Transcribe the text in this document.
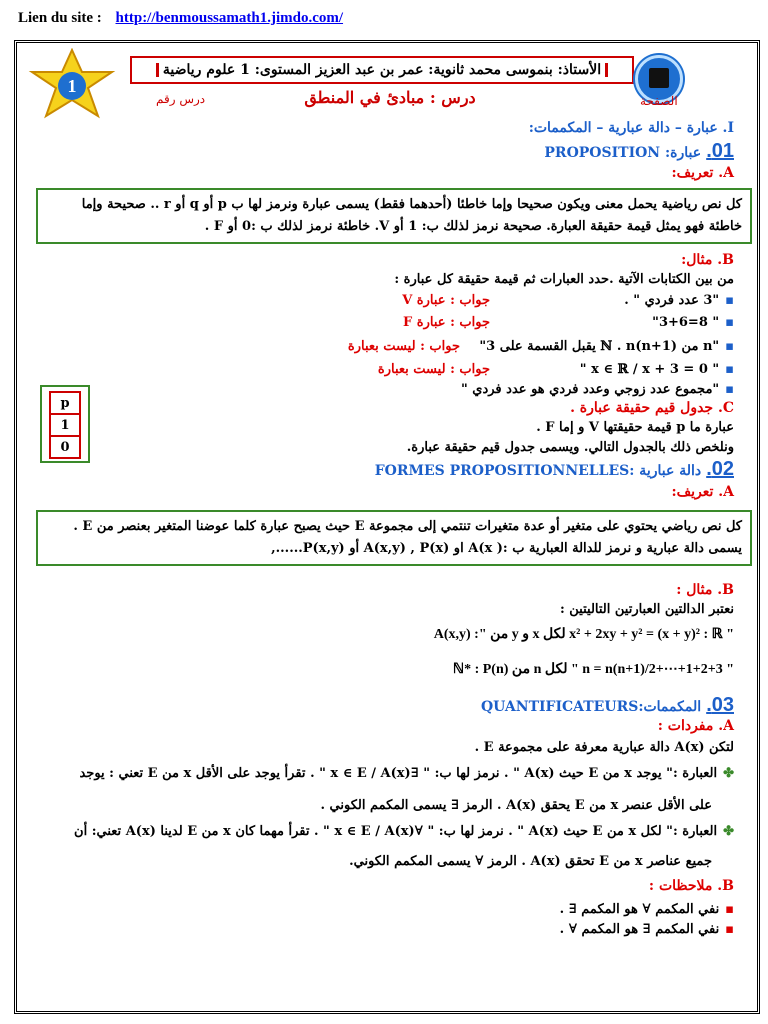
Lien du site : http://benmoussamath1.jimdo.com/
1
الأستاذ: بنموسى محمد ثانوية: عمر بن عبد العزيز المستوى: 1 علوم رياضية
درس : مبادئ في المنطق
درس رقم	الصفحة
I. عبارة – دالة عبارية – المكممات:
01. عبارة: PROPOSITION
A. تعريف:
كل نص رياضية يحمل معنى ويكون صحيحا وإما خاطئا (أحدهما فقط) يسمى عبارة ونرمز لها ب p أو q أو r .. صحيحة وإما خاطئة فهو يمثل قيمة حقيقة العبارة. صحيحة نرمز لذلك ب: 1 أو V. خاطئة نرمز لذلك ب :0 أو F .
B. مثال:
من بين الكتابات الآتية .حدد العبارات ثم قيمة حقيقة كل عبارة :
▪ "3 عدد فردي " .
جواب : عبارة V
▪ " 8=3+6"
جواب : عبارة F
▪ "n من ℕ . n(n+1) يقبل القسمة على 3"
جواب : ليست بعبارة
▪ " x ∈ ℝ / x + 3 = 0 "
جواب : ليست بعبارة
▪ "مجموع عدد زوجي وعدد فردي هو عدد فردي "
C. جدول قيم حقيقة عبارة .
عبارة ما p قيمة حقيقتها V و إما F .
ونلخص ذلك بالجدول التالي. ويسمى جدول قيم حقيقة عبارة.
p
1
0
02. دالة عبارية :FORMES PROPOSITIONNELLES
A. تعريف:
كل نص رياضي يحتوي على متغير أو عدة متغيرات تنتمي إلى مجموعة E حيث يصبح عبارة كلما عوضنا المتغير بعنصر من E . يسمى دالة عبارية و نرمز للدالة العبارية ب :( A(x او A(x,y) , P(x) أو P(x,y)......,
B. مثال :
نعتبر الدالتين العبارتين التاليتين :
" x² + 2xy + y² = (x + y)² : ℝ لكل x و y من ": A(x,y)
" 1+2+3+⋯+n = n(n+1)/2 " لكل n من ℕ* : P(n)
03. المكممات:QUANTIFICATEURS
A. مفردات :
لتكن A(x) دالة عبارية معرفة على مجموعة E .
✤ العبارة :" يوجد x من E حيث A(x) " . نرمز لها ب: " ∃x ∈ E / A(x) " . تقرأ يوجد على الأقل x من E تعني : يوجد
على الأقل عنصر x من E يحقق A(x) . الرمز ∃ يسمى المكمم الكوني .
✤ العبارة :" لكل x من E حيث A(x) " . نرمز لها ب: " ∀x ∈ E / A(x) " . تقرأ مهما كان x من E لدينا A(x) تعني: أن
جميع عناصر x من E تحقق A(x) . الرمز ∀ يسمى المكمم الكوني.
B. ملاحظات :
▪ نفي المكمم ∀ هو المكمم ∃ .
▪ نفي المكمم ∃ هو المكمم ∀ .
